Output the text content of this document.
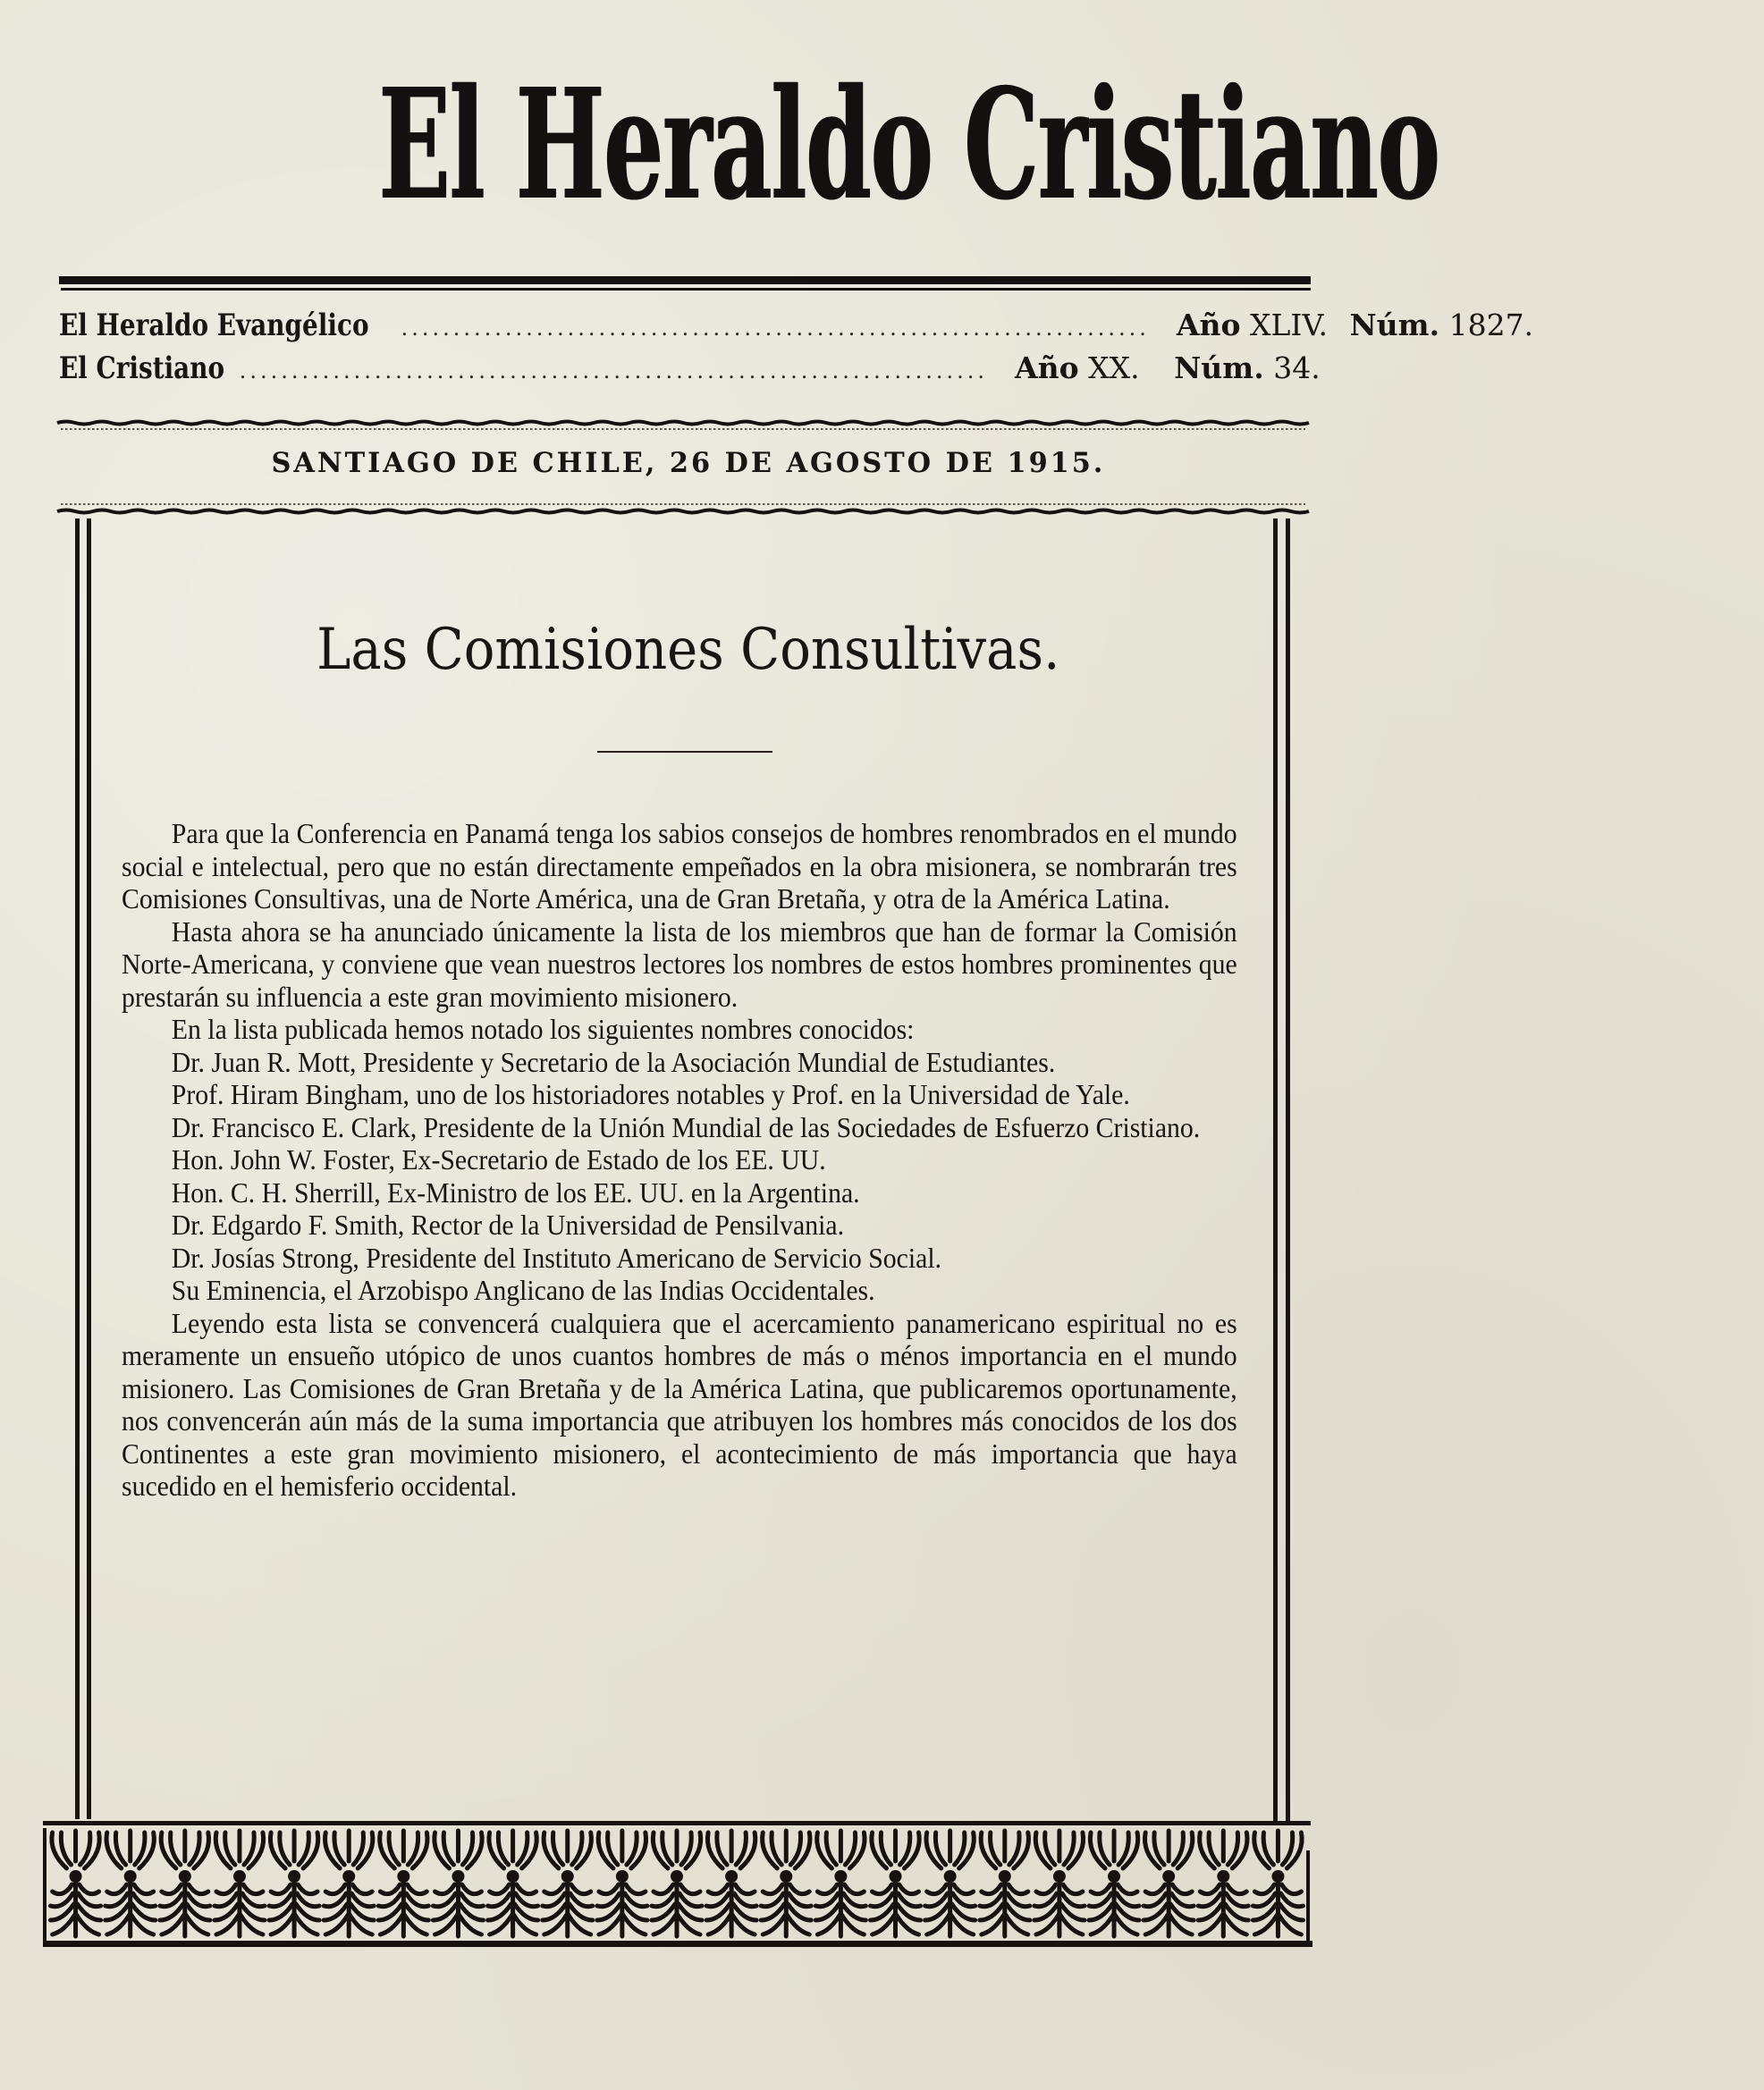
El Heraldo Cristiano
El Heraldo Evangélico ........................................................................ Año XLIV. Núm. 1827.
El Cristiano ........................................................................ Año XX. Núm. 34.
SANTIAGO DE CHILE, 26 DE AGOSTO DE 1915.
Las Comisiones Consultivas.

Para que la Conferencia en Panamá tenga los sabios consejos de hombres renombrados en el mundo social e intelectual, pero que no están directamente empeñados en la obra misionera, se nombrarán tres Comisiones Consultivas, una de Norte América, una de Gran Bretaña, y otra de la América Latina.

Hasta ahora se ha anunciado únicamente la lista de los miembros que han de formar la Comisión Norte-Americana, y conviene que vean nuestros lectores los nombres de estos hombres prominentes que prestarán su influencia a este gran movimiento misionero.

En la lista publicada hemos notado los siguientes nombres conocidos:

Dr. Juan R. Mott, Presidente y Secretario de la Asociación Mundial de Estudiantes.

Prof. Hiram Bingham, uno de los historiadores notables y Prof. en la Universidad de Yale.

Dr. Francisco E. Clark, Presidente de la Unión Mundial de las Sociedades de Esfuerzo Cristiano.

Hon. John W. Foster, Ex-Secretario de Estado de los EE. UU.

Hon. C. H. Sherrill, Ex-Ministro de los EE. UU. en la Argentina.

Dr. Edgardo F. Smith, Rector de la Universidad de Pensilvania.

Dr. Josías Strong, Presidente del Instituto Americano de Servicio Social.

Su Eminencia, el Arzobispo Anglicano de las Indias Occidentales.

Leyendo esta lista se convencerá cualquiera que el acercamiento panamericano espiritual no es meramente un ensueño utópico de unos cuantos hombres de más o ménos importancia en el mundo misionero. Las Comisiones de Gran Bretaña y de la América Latina, que publicaremos oportunamente, nos convencerán aún más de la suma importancia que atribuyen los hombres más conocidos de los dos Continentes a este gran movimiento misionero, el acontecimiento de más importancia que haya sucedido en el hemisferio occidental.
